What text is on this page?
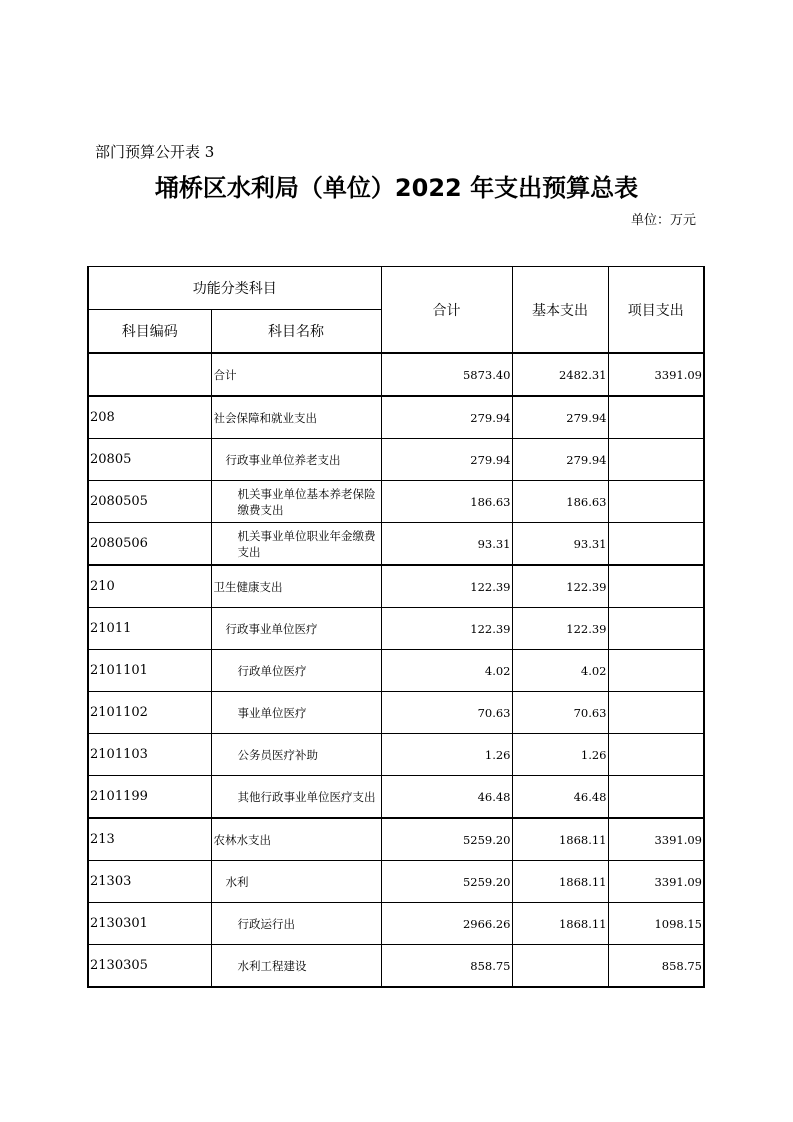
部门预算公开表 3
埇桥区水利局（单位）2022 年支出预算总表
单位：万元
功能分类科目		合计	基本支出	项目支出
科目编码	科目名称			
	合计	5873.40	2482.31	3391.09
208	社会保障和就业支出	279.94	279.94	
20805	行政事业单位养老支出	279.94	279.94	
2080505	机关事业单位基本养老保险缴费支出	186.63	186.63	
2080506	机关事业单位职业年金缴费支出	93.31	93.31	
210	卫生健康支出	122.39	122.39	
21011	行政事业单位医疗	122.39	122.39	
2101101	行政单位医疗	4.02	4.02	
2101102	事业单位医疗	70.63	70.63	
2101103	公务员医疗补助	1.26	1.26	
2101199	其他行政事业单位医疗支出	46.48	46.48	
213	农林水支出	5259.20	1868.11	3391.09
21303	水利	5259.20	1868.11	3391.09
2130301	行政运行出	2966.26	1868.11	1098.15
2130305	水利工程建设	858.75		858.75
